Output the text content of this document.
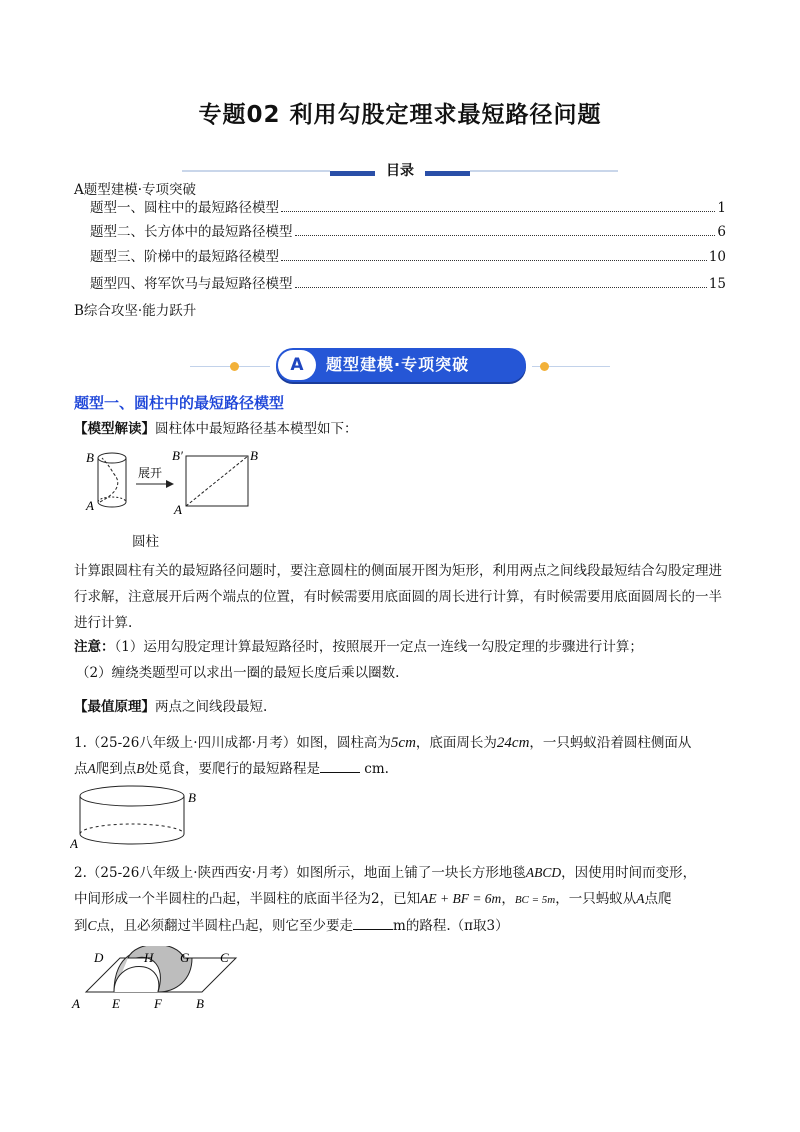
专题02 利用勾股定理求最短路径问题
目录
A题型建模·专项突破
题型一、圆柱中的最短路径模型	1
题型二、长方体中的最短路径模型	6
题型三、阶梯中的最短路径模型	10
题型四、将军饮马与最短路径模型	15
B综合攻坚·能力跃升
A	题型建模·专项突破
题型一、圆柱中的最短路径模型
【模型解读】圆柱体中最短路径基本模型如下：
B
A
展开
B′	B
A
圆柱
计算跟圆柱有关的最短路径问题时，要注意圆柱的侧面展开图为矩形，利用两点之间线段最短结合勾股定理进行求解，注意展开后两个端点的位置，有时候需要用底面圆的周长进行计算，有时候需要用底面圆周长的一半进行计算.
注意：（1）运用勾股定理计算最短路径时，按照展开一定点一连线一勾股定理的步骤进行计算；
（2）缠绕类题型可以求出一圈的最短长度后乘以圈数.
【最值原理】两点之间线段最短.
1.（25-26八年级上·四川成都·月考）如图，圆柱高为5cm，底面周长为24cm，一只蚂蚁沿着圆柱侧面从
点A爬到点B处觅食，要爬行的最短路程是	cm.
B
A
2.（25-26八年级上·陕西西安·月考）如图所示，地面上铺了一块长方形地毯ABCD，因使用时间而变形，
中间形成一个半圆柱的凸起，半圆柱的底面半径为2，已知AE + BF = 6m，BC = 5m，一只蚂蚁从A点爬
到C点，且必须翻过半圆柱凸起，则它至少要走	m的路程.（π取3）
D	H G C
A E	F	B
